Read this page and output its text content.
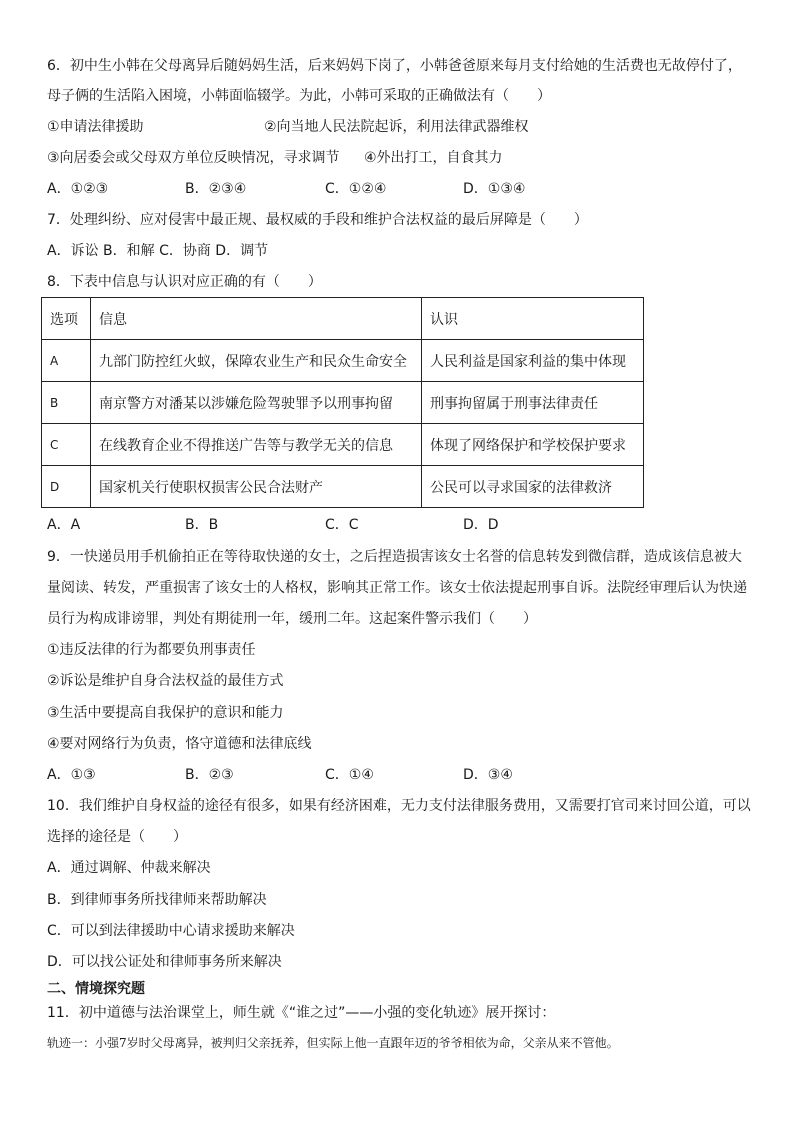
6．初中生小韩在父母离异后随妈妈生活，后来妈妈下岗了，小韩爸爸原来每月支付给她的生活费也无故停付了，
母子俩的生活陷入困境，小韩面临辍学。为此，小韩可采取的正确做法有（　　）
①申请法律援助	②向当地人民法院起诉，利用法律武器维权
③向居委会或父母双方单位反映情况，寻求调节 ④外出打工，自食其力
A．①②③	B．②③④	C．①②④	D．①③④
7．处理纠纷、应对侵害中最正规、最权威的手段和维护合法权益的最后屏障是（　　）
A．诉讼 B．和解 C．协商 D．调节
8．下表中信息与认识对应正确的有（　　）
选项	信息	认识
A	九部门防控红火蚁，保障农业生产和民众生命安全	人民利益是国家利益的集中体现
B	南京警方对潘某以涉嫌危险驾驶罪予以刑事拘留	刑事拘留属于刑事法律责任
C	在线教育企业不得推送广告等与教学无关的信息	体现了网络保护和学校保护要求
D	国家机关行使职权损害公民合法财产	公民可以寻求国家的法律救济
A．A	B．B	C．C	D．D
9．一快递员用手机偷拍正在等待取快递的女士，之后捏造损害该女士名誉的信息转发到微信群，造成该信息被大
量阅读、转发，严重损害了该女士的人格权，影响其正常工作。该女士依法提起刑事自诉。法院经审理后认为快递
员行为构成诽谤罪，判处有期徒刑一年，缓刑二年。这起案件警示我们（　　）
①违反法律的行为都要负刑事责任
②诉讼是维护自身合法权益的最佳方式
③生活中要提高自我保护的意识和能力
④要对网络行为负责，恪守道德和法律底线
A．①③	B．②③	C．①④	D．③④
10．我们维护自身权益的途径有很多，如果有经济困难，无力支付法律服务费用，又需要打官司来讨回公道，可以
选择的途径是（　　）
A．通过调解、仲裁来解决
B．到律师事务所找律师来帮助解决
C．可以到法律援助中心请求援助来解决
D．可以找公证处和律师事务所来解决
二、情境探究题
11．初中道德与法治课堂上，师生就《“谁之过”——小强的变化轨迹》展开探讨：
轨迹一：小强7岁时父母离异，被判归父亲抚养，但实际上他一直跟年迈的爷爷相依为命，父亲从来不管他。
